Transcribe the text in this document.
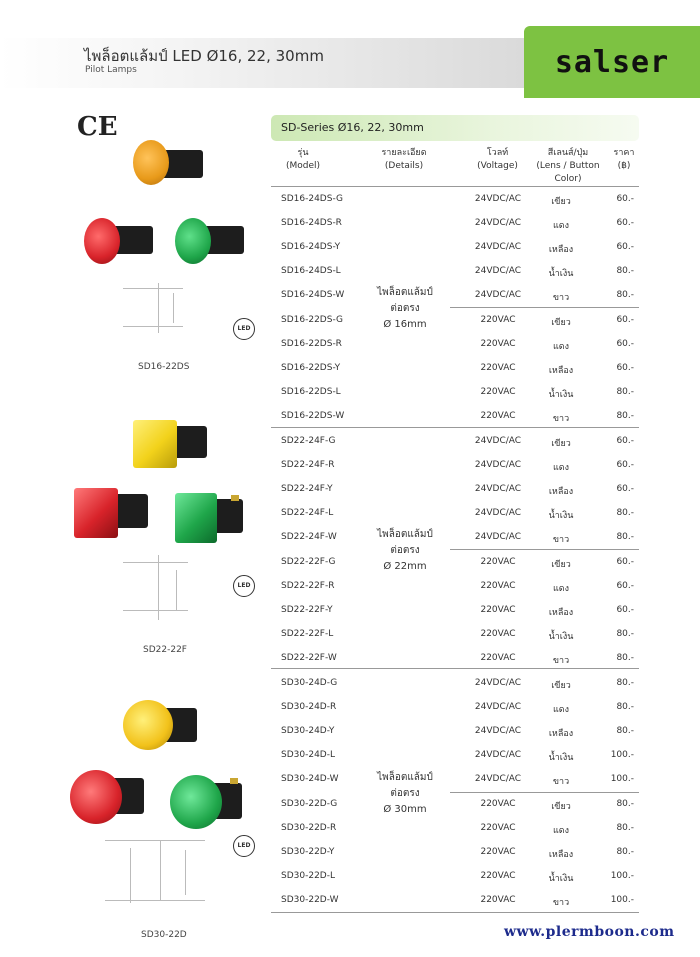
ไพล็อตแล้มป์ LED Ø16, 22, 30mm
Pilot Lamps	salser
CE
LED
SD16-22DS
LED
SD22-22F
LED
SD30-22D
SD-Series Ø16, 22, 30mm
รุ่น
(Model)
รายละเอียด
(Details)
โวลท์
(Voltage)
สีเลนส์/ปุ่ม
(Lens / Button
Color)
ราคา
(฿)
ไพล็อตแล้มป์
ต่อตรง
Ø 16mm
ไพล็อตแล้มป์
ต่อตรง
Ø 22mm
ไพล็อตแล้มป์
ต่อตรง
Ø 30mm
SD16-24DS-G	24VDC/AC	เขียว	60.-
SD16-24DS-R	24VDC/AC	แดง	60.-
SD16-24DS-Y	24VDC/AC	เหลือง	60.-
SD16-24DS-L	24VDC/AC	น้ำเงิน	80.-
SD16-24DS-W	24VDC/AC	ขาว	80.-
SD16-22DS-G	220VAC	เขียว	60.-
SD16-22DS-R	220VAC	แดง	60.-
SD16-22DS-Y	220VAC	เหลือง	60.-
SD16-22DS-L	220VAC	น้ำเงิน	80.-
SD16-22DS-W	220VAC	ขาว	80.-
SD22-24F-G	24VDC/AC	เขียว	60.-
SD22-24F-R	24VDC/AC	แดง	60.-
SD22-24F-Y	24VDC/AC	เหลือง	60.-
SD22-24F-L	24VDC/AC	น้ำเงิน	80.-
SD22-24F-W	24VDC/AC	ขาว	80.-
SD22-22F-G	220VAC	เขียว	60.-
SD22-22F-R	220VAC	แดง	60.-
SD22-22F-Y	220VAC	เหลือง	60.-
SD22-22F-L	220VAC	น้ำเงิน	80.-
SD22-22F-W	220VAC	ขาว	80.-
SD30-24D-G	24VDC/AC	เขียว	80.-
SD30-24D-R	24VDC/AC	แดง	80.-
SD30-24D-Y	24VDC/AC	เหลือง	80.-
SD30-24D-L	24VDC/AC	น้ำเงิน	100.-
SD30-24D-W	24VDC/AC	ขาว	100.-
SD30-22D-G	220VAC	เขียว	80.-
SD30-22D-R	220VAC	แดง	80.-
SD30-22D-Y	220VAC	เหลือง	80.-
SD30-22D-L	220VAC	น้ำเงิน	100.-
SD30-22D-W	220VAC	ขาว	100.-
www.plermboon.com
